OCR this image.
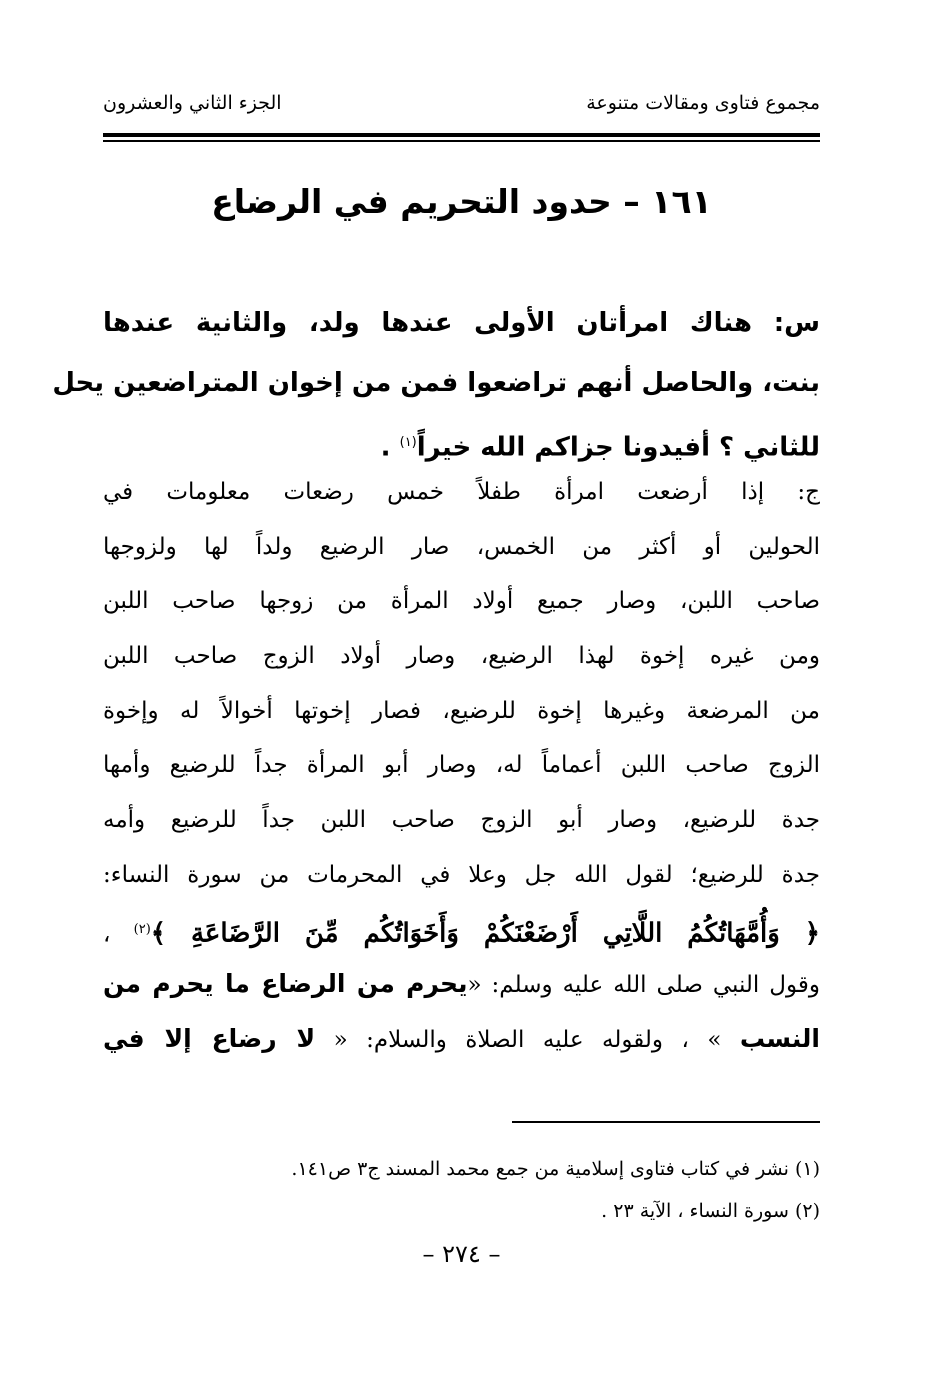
مجموع فتاوى ومقالات متنوعة
الجزء الثاني والعشرون
١٦١ – حدود التحريم في الرضاع
س: هناك امرأتان الأولى عندها ولد، والثانية عندها
بنت، والحاصل أنهم تراضعوا فمن من إخوان المتراضعين يحل
للثاني ؟ أفيدونا جزاكم الله خيراً$^{(١)}$ .
ج: إذا أرضعت امرأة طفلاً خمس رضعات معلومات في
الحولين أو أكثر من الخمس، صار الرضيع ولداً لها ولزوجها
صاحب اللبن، وصار جميع أولاد المرأة من زوجها صاحب اللبن
ومن غيره إخوة لهذا الرضيع، وصار أولاد الزوج صاحب اللبن
من المرضعة وغيرها إخوة للرضيع، فصار إخوتها أخوالاً له وإخوة
الزوج صاحب اللبن أعماماً له، وصار أبو المرأة جداً للرضيع وأمها
جدة للرضيع، وصار أبو الزوج صاحب اللبن جداً للرضيع وأمه
جدة للرضيع؛ لقول الله جل وعلا في المحرمات من سورة النساء:
﴿ وَأُمَّهَاتُكُمُ اللَّاتِي أَرْضَعْنَكُمْ وَأَخَوَاتُكُم مِّنَ الرَّضَاعَةِ ﴾$^{(٢)}$ ،
وقول النبي صلى الله عليه وسلم: «يحرم من الرضاع ما يحرم من
النسب » ، ولقوله عليه الصلاة والسلام: « لا رضاع إلا في
(١) نشر في كتاب فتاوى إسلامية من جمع محمد المسند ج٣ ص١٤١.
(٢) سورة النساء ، الآية ٢٣ .
– ٢٧٤ –
